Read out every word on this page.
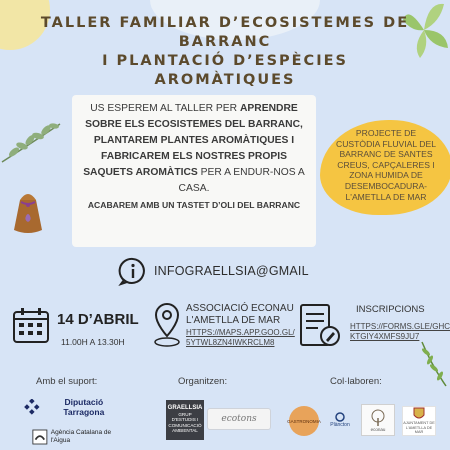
TALLER FAMILIAR D’ECOSISTEMES DE BARRANC
I PLANTACIÓ D’ESPÈCIES AROMÀTIQUES
US ESPEREM AL TALLER PER APRENDRE SOBRE ELS ECOSISTEMES DEL BARRANC, PLANTAREM PLANTES AROMÀTIQUES I FABRICAREM ELS NOSTRES PROPIS SAQUETS AROMÀTICS PER A ENDUR-NOS A CASA.
ACABAREM AMB UN TASTET D’OLI DEL BARRANC
PROJECTE DE CUSTÒDIA FLUVIAL DEL BARRANC DE SANTES CREUS, CAPÇALERES I ZONA HUMIDA DE DESEMBOCADURA-L'AMETLLA DE MAR
INFOGRAELLSIA@GMAIL
14 D’ABRIL
11.00H A 13.30H
ASSOCIACIÓ ECONAU L'AMETLLA DE MAR
HTTPS://MAPS.APP.GOO.GL/5YTWL8ZN4IWKRCLM8
INSCRIPCIONS
HTTPS://FORMS.GLE/GHCKTGIY4XMFS9JU7
Amb el suport:	Organitzen:	Col·laboren:
Diputació Tarragona
Agència Catalana de l'Aigua
GRAELLSIA
GRUP D'ESTUDIS I COMUNICACIÓ AMBIENTAL
ecotons	GASTRONOMIA
Plàncton
econau
AJUNTAMENT DE L'AMETLLA DE MAR
